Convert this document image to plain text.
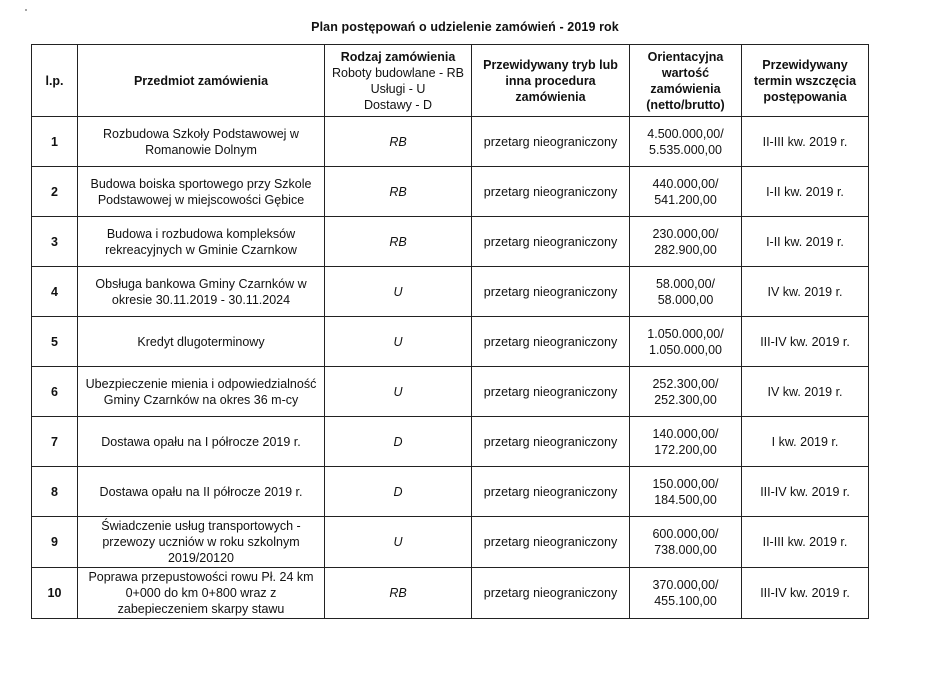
Plan postępowań o udzielenie zamówień - 2019 rok
l.p.	Przedmiot zamówienia	Rodzaj zamówienia
Roboty budowlane - RB
Usługi - U
Dostawy - D	Przewidywany tryb lub inna procedura zamówienia	Orientacyjna wartość zamówienia (netto/brutto)	Przewidywany termin wszczęcia postępowania
1	Rozbudowa Szkoły Podstawowej w Romanowie Dolnym	RB	przetarg nieograniczony	4.500.000,00/
5.535.000,00	II-III kw. 2019 r.
2	Budowa boiska sportowego przy Szkole Podstawowej w miejscowości Gębice	RB	przetarg nieograniczony	440.000,00/
541.200,00	I-II kw. 2019 r.
3	Budowa i rozbudowa kompleksów rekreacyjnych w Gminie Czarnkow	RB	przetarg nieograniczony	230.000,00/
282.900,00	I-II kw. 2019 r.
4	Obsługa bankowa Gminy Czarnków w okresie 30.11.2019 - 30.11.2024	U	przetarg nieograniczony	58.000,00/
58.000,00	IV kw. 2019 r.
5	Kredyt dlugoterminowy	U	przetarg nieograniczony	1.050.000,00/
1.050.000,00	III-IV kw. 2019 r.
6	Ubezpieczenie mienia i odpowiedzialność Gminy Czarnków na okres 36 m-cy	U	przetarg nieograniczony	252.300,00/
252.300,00	IV kw. 2019 r.
7	Dostawa opału na I półrocze 2019 r.	D	przetarg nieograniczony	140.000,00/
172.200,00	I kw. 2019 r.
8	Dostawa opału na II półrocze 2019 r.	D	przetarg nieograniczony	150.000,00/
184.500,00	III-IV kw. 2019 r.
9	Świadczenie usług transportowych - przewozy uczniów w roku szkolnym 2019/20120	U	przetarg nieograniczony	600.000,00/
738.000,00	II-III kw. 2019 r.
10	Poprawa przepustowości rowu Pł. 24 km 0+000 do km 0+800 wraz z zabepieczeniem skarpy stawu	RB	przetarg nieograniczony	370.000,00/
455.100,00	III-IV kw. 2019 r.
